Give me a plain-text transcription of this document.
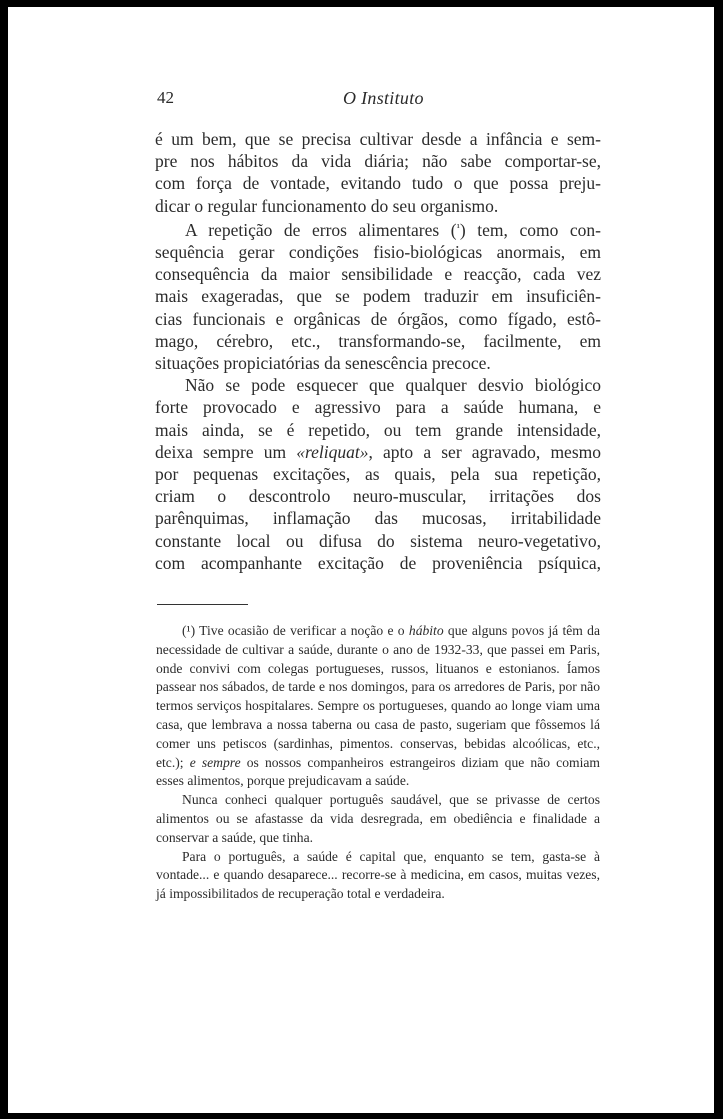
42	O Instituto

é um bem, que se precisa cultivar desde a infância e sem-

pre nos hábitos da vida diária; não sabe comportar-se,

com força de vontade, evitando tudo o que possa preju-

dicar o regular funcionamento do seu organismo.

A repetição de erros alimentares ($^{^1}$) tem, como con-

sequência gerar condições fisio-biológicas anormais, em

consequência da maior sensibilidade e reacção, cada vez

mais exageradas, que se podem traduzir em insuficiên-

cias funcionais e orgânicas de órgãos, como fígado, estô-

mago, cérebro, etc., transformando-se, facilmente, em

situações propiciatórias da senescência precoce.

Não se pode esquecer que qualquer desvio biológico

forte provocado e agressivo para a saúde humana, e

mais ainda, se é repetido, ou tem grande intensidade,

deixa sempre um «reliquat», apto a ser agravado, mesmo

por pequenas excitações, as quais, pela sua repetição,

criam o descontrolo neuro-muscular, irritações dos

parênquimas, inflamação das mucosas, irritabilidade

constante local ou difusa do sistema neuro-vegetativo,

com acompanhante excitação de proveniência psíquica,

(¹) Tive ocasião de verificar a noção e o hábito que alguns povos já têm da necessidade de cultivar a saúde, durante o ano de 1932-33, que passei em Paris, onde convivi com colegas portugueses, russos, lituanos e estonianos. Íamos passear nos sábados, de tarde e nos domingos, para os arredores de Paris, por não termos serviços hospitalares. Sempre os portugueses, quando ao longe viam uma casa, que lembrava a nossa taberna ou casa de pasto, sugeriam que fôssemos lá comer uns petiscos (sardinhas, pimentos. conservas, bebidas alcoólicas, etc., etc.); e sempre os nossos companheiros estrangeiros diziam que não comiam esses alimentos, porque prejudicavam a saúde.

Nunca conheci qualquer português saudável, que se privasse de certos alimentos ou se afastasse da vida desregrada, em obediência e finalidade a conservar a saúde, que tinha.

Para o português, a saúde é capital que, enquanto se tem, gasta-se à vontade... e quando desaparece... recorre-se à medicina, em casos, muitas vezes, já impossibilitados de recuperação total e verdadeira.
